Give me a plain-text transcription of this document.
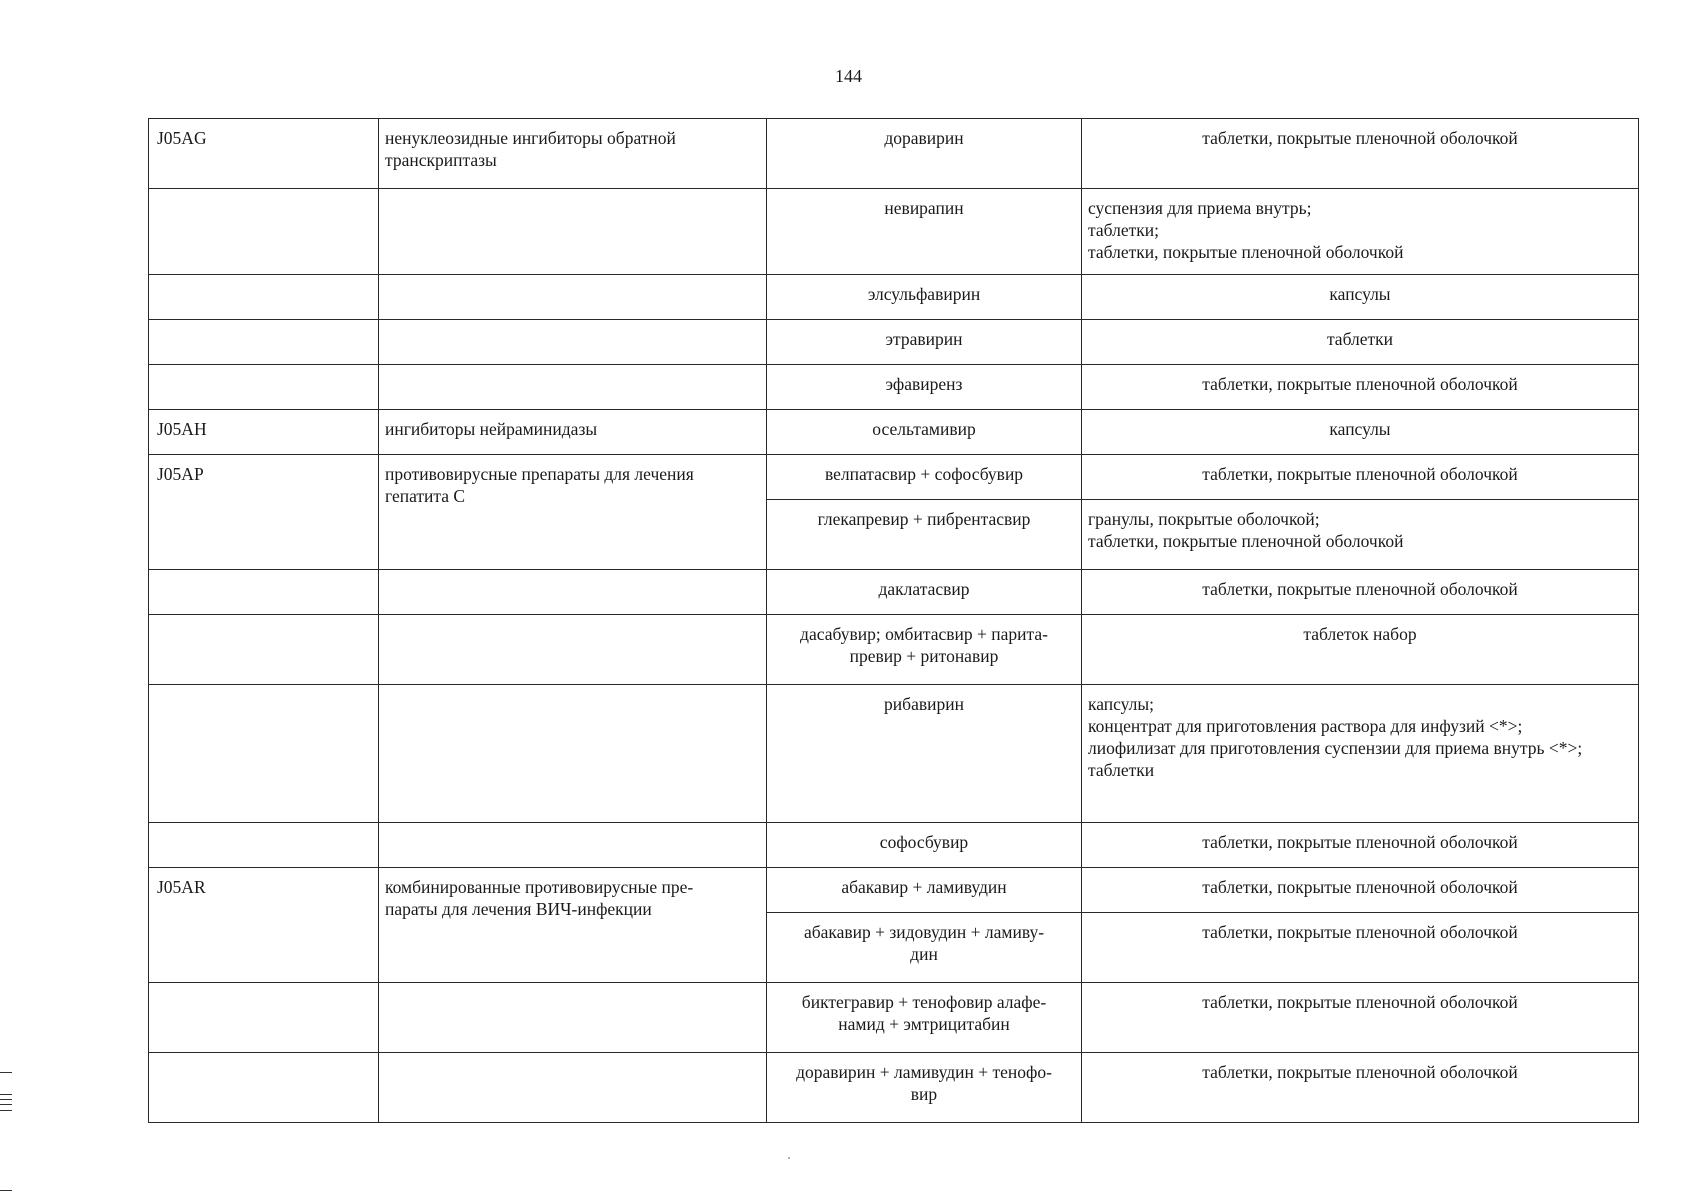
144
J05AG	ненуклеозидные ингибиторы обратной транскриптазы	доравирин	таблетки, покрытые пленочной оболочкой
		невирапин	суспензия для приема внутрь;
таблетки;
таблетки, покрытые пленочной оболочкой
		элсульфавирин	капсулы
		этравирин	таблетки
		эфавиренз	таблетки, покрытые пленочной оболочкой
J05AH	ингибиторы нейраминидазы	осельтамивир	капсулы
J05AP	противовирусные препараты для лечения гепатита С	велпатасвир + софосбувир	таблетки, покрытые пленочной оболочкой
		глекапревир + пибрентасвир	гранулы, покрытые оболочкой;
таблетки, покрытые пленочной оболочкой
		даклатасвир	таблетки, покрытые пленочной оболочкой
		дасабувир; омбитасвир + парита-
превир + ритонавир	таблеток набор
		рибавирин	капсулы;
концентрат для приготовления раствора для инфузий <*>;
лиофилизат для приготовления суспензии для приема внутрь <*>;
таблетки
		софосбувир	таблетки, покрытые пленочной оболочкой
J05AR	комбинированные противовирусные пре-
параты для лечения ВИЧ-инфекции	абакавир + ламивудин	таблетки, покрытые пленочной оболочкой
		абакавир + зидовудин + ламиву-
дин	таблетки, покрытые пленочной оболочкой
		биктегравир + тенофовир алафе-
намид + эмтрицитабин	таблетки, покрытые пленочной оболочкой
		доравирин + ламивудин + тенофо-
вир	таблетки, покрытые пленочной оболочкой
